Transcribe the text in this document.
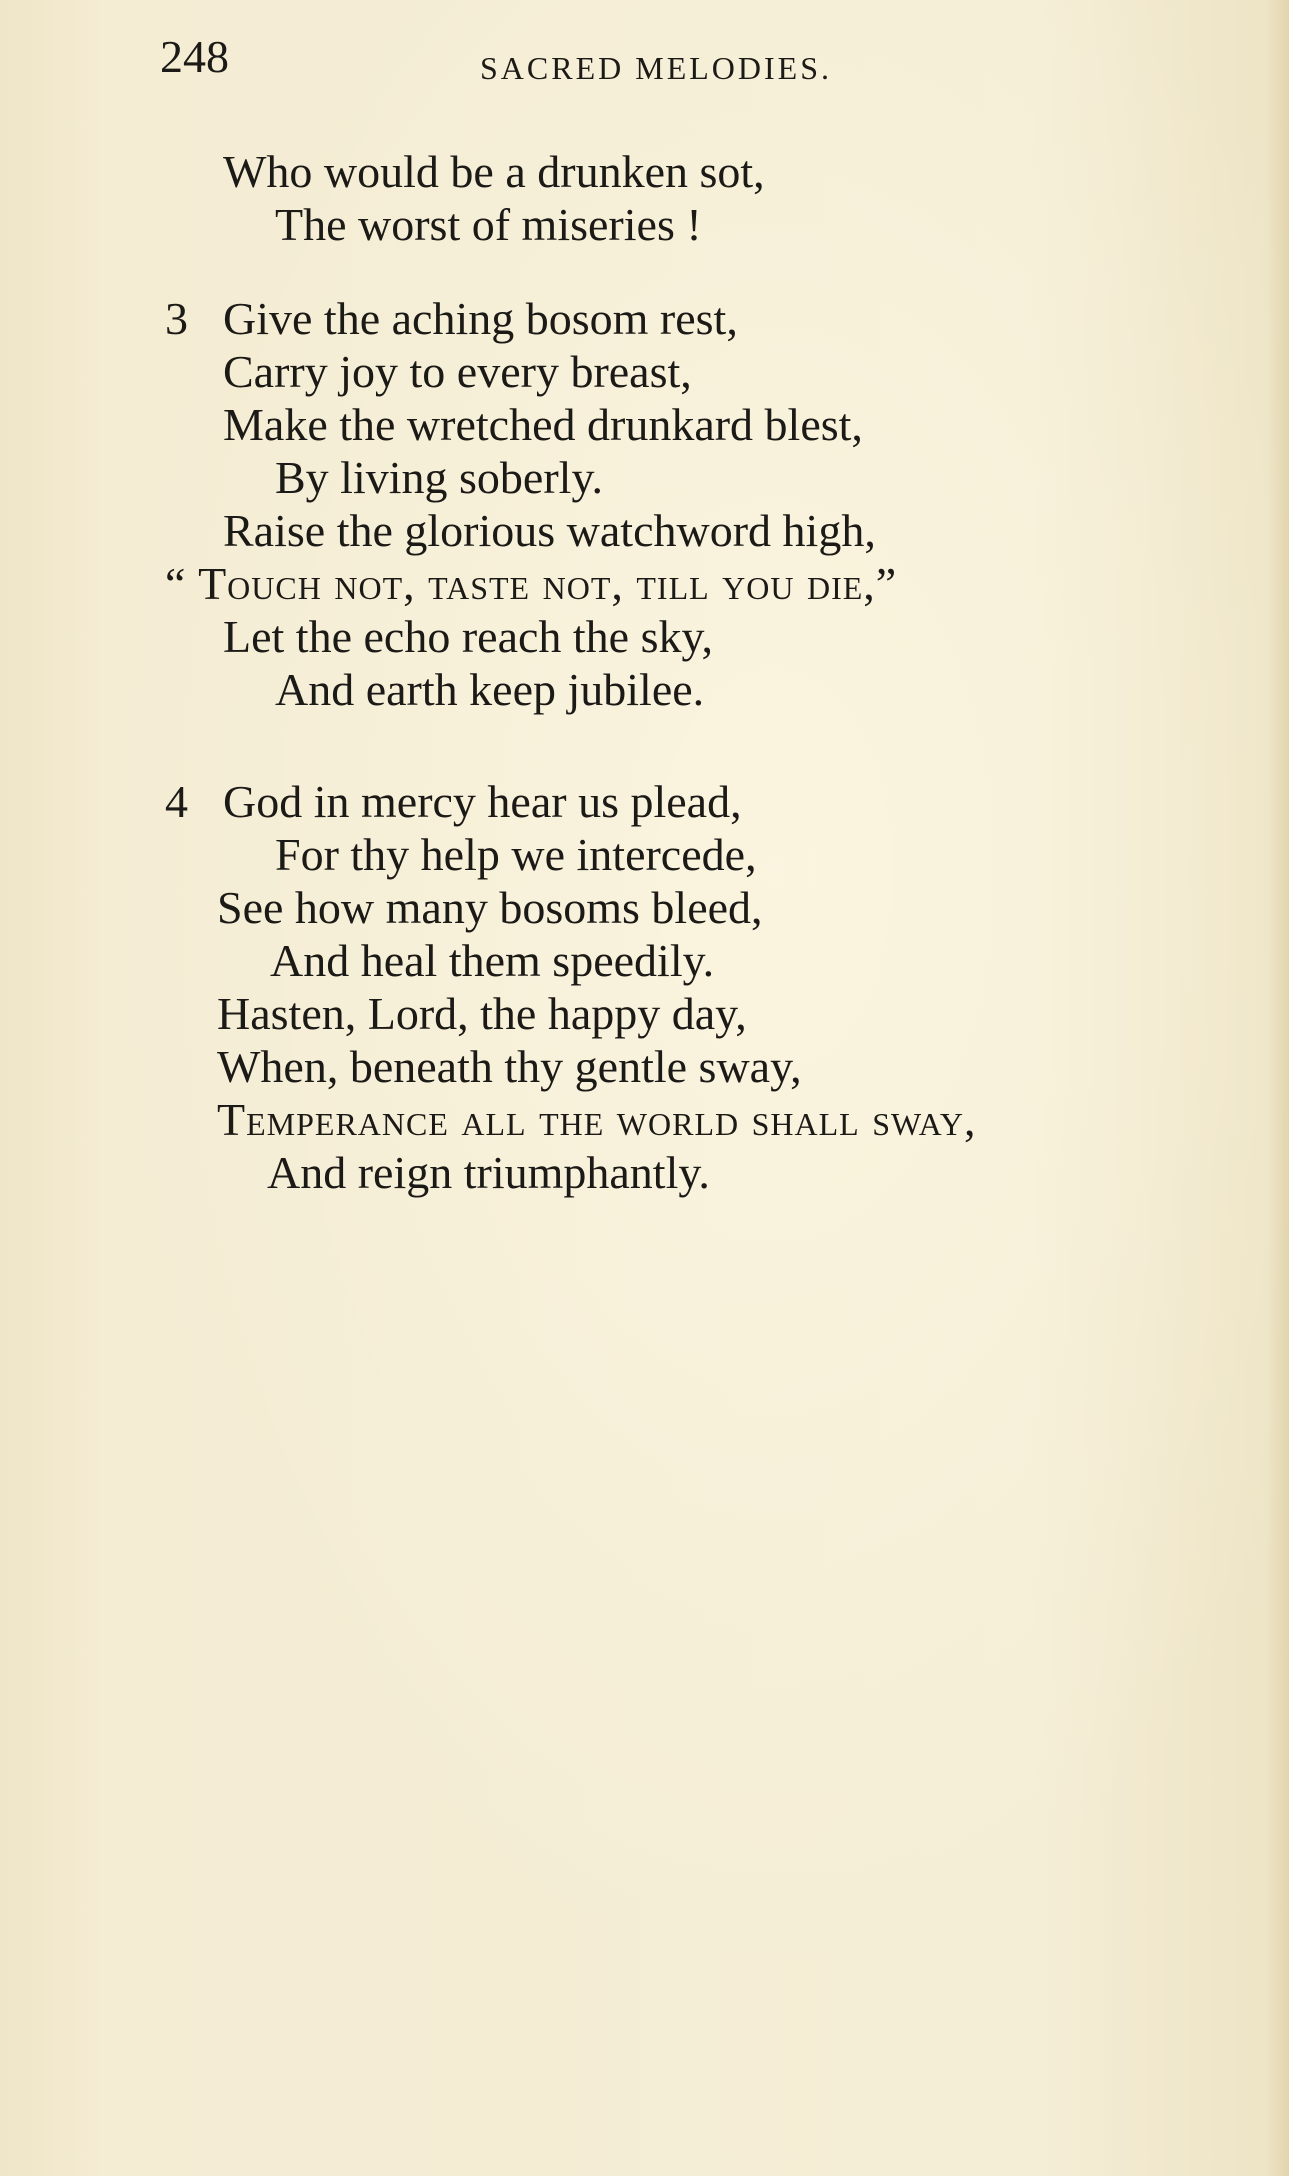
248	SACRED MELODIES.
Who would be a drunken sot,
The worst of miseries !
3 Give the aching bosom rest,
Carry joy to every breast,
Make the wretched drunkard blest,
By living soberly.
Raise the glorious watchword high,
“ Touch not, taste not, till you die,”
Let the echo reach the sky,
And earth keep jubilee.
4 God in mercy hear us plead,
For thy help we intercede,
See how many bosoms bleed,
And heal them speedily.
Hasten, Lord, the happy day,
When, beneath thy gentle sway,
Temperance all the world shall sway,
And reign triumphantly.
